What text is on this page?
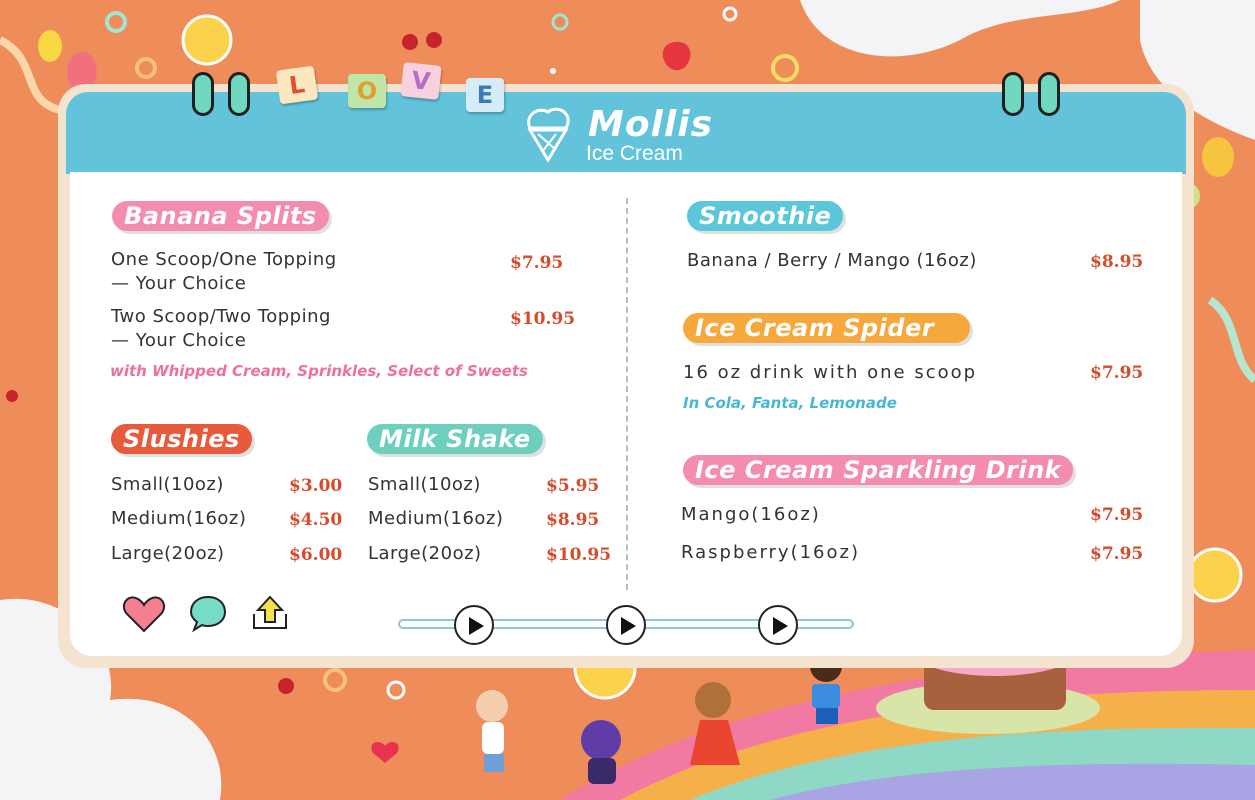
L	O	V	E
Mollis
Ice Cream
Banana Splits
One Scoop/One Topping
— Your Choice
$7.95
Two Scoop/Two Topping
— Your Choice
$10.95
with Whipped Cream, Sprinkles, Select of Sweets
Slushies
Small(10oz)	$3.00
Medium(16oz)	$4.50
Large(20oz)	$6.00
Milk Shake
Small(10oz)	$5.95
Medium(16oz)	$8.95
Large(20oz)	$10.95
Smoothie
Banana / Berry / Mango (16oz)	$8.95
Ice Cream Spider
16 oz drink with one scoop	$7.95
In Cola, Fanta, Lemonade
Ice Cream Sparkling Drink
Mango(16oz)	$7.95
Raspberry(16oz)	$7.95
